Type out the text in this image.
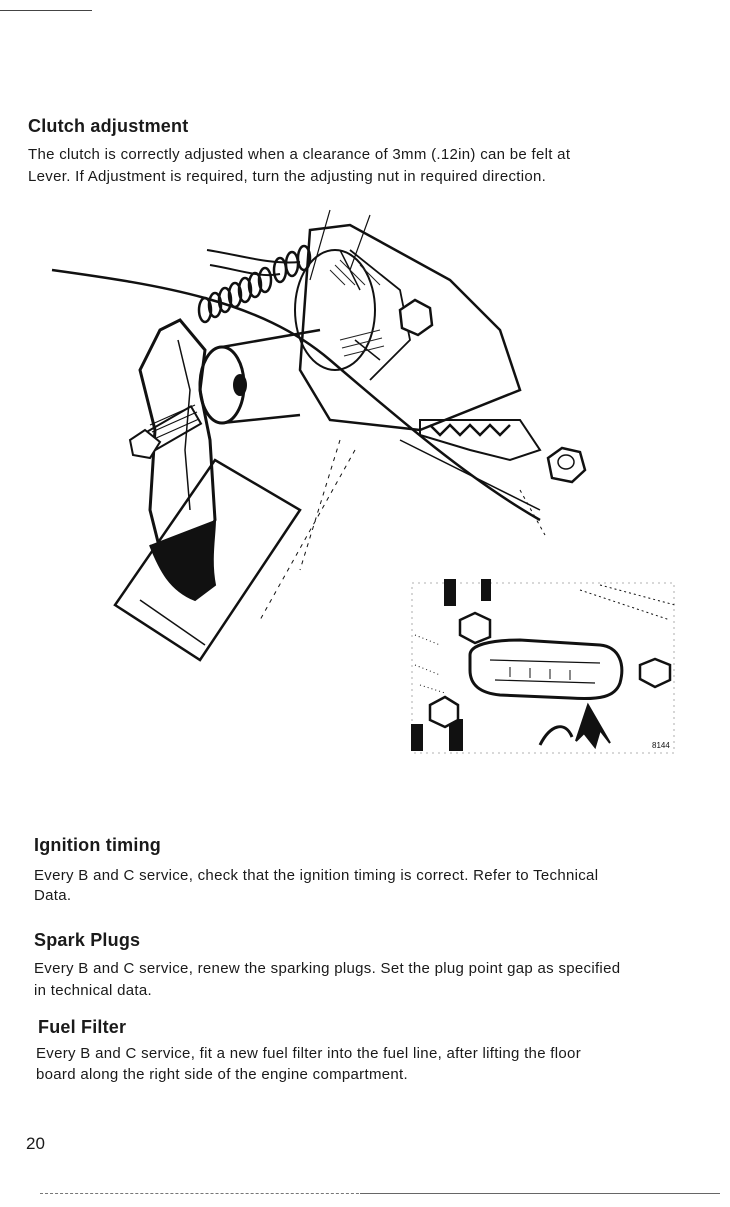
Clutch adjustment

The clutch is correctly adjusted when a clearance of 3mm (.12in) can be felt at

Lever. If Adjustment is required, turn the adjusting nut in required direction.

8144
Ignition timing

Every B and C service, check that the ignition timing is correct. Refer to Technical

Data.

Spark Plugs

Every B and C service, renew the sparking plugs. Set the plug point gap as specified

in technical data.

Fuel Filter

Every B and C service, fit a new fuel filter into the fuel line, after lifting the floor

board along the right side of the engine compartment.

20
